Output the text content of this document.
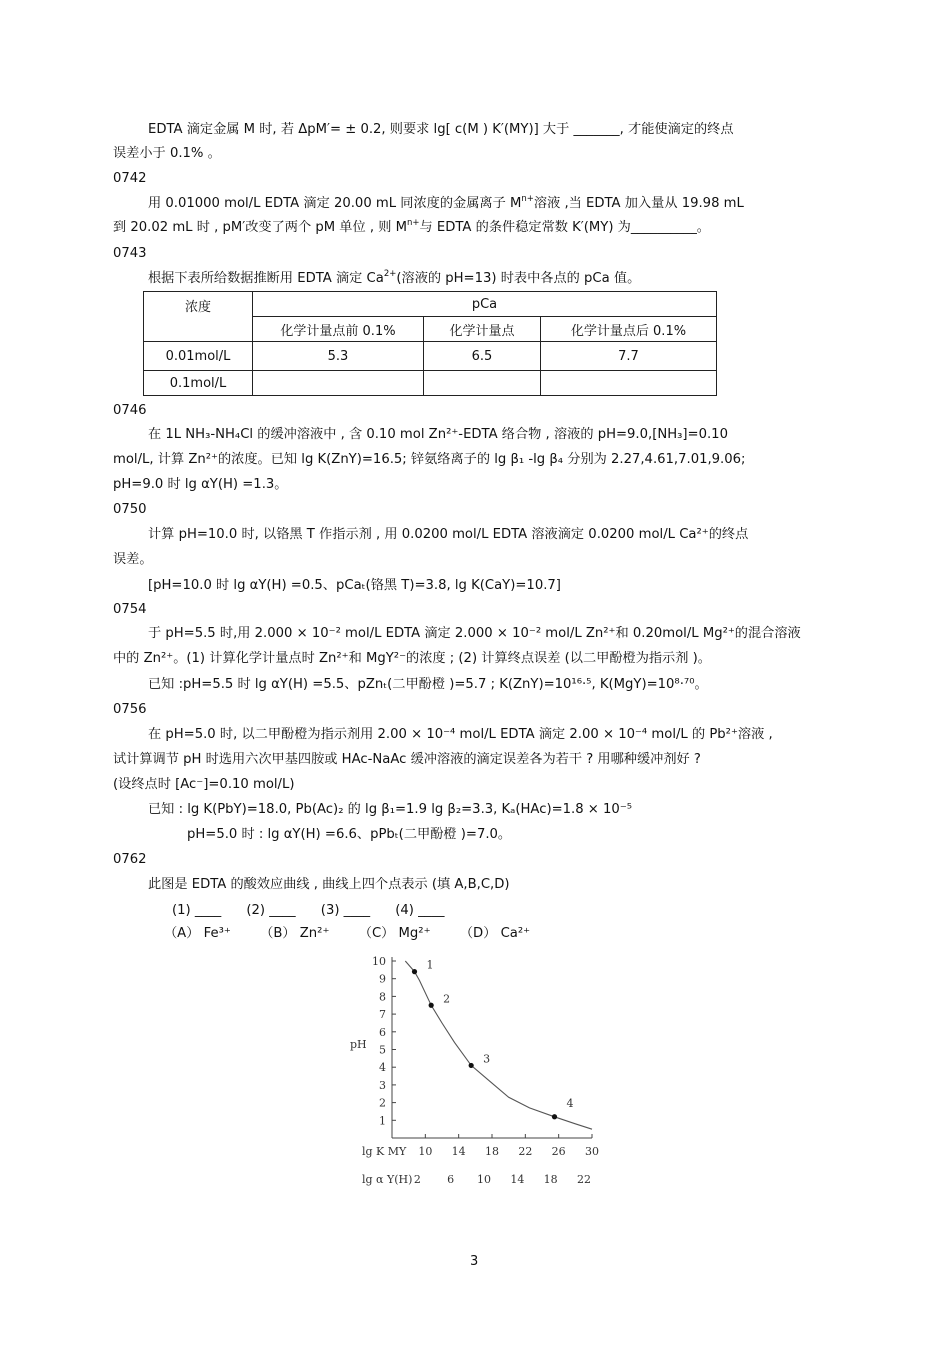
EDTA 滴定金属 M 时, 若 ΔpM′= ± 0.2, 则要求 lg[ c(M ) K′(MY)] 大于 _______, 才能使滴定的终点
误差小于 0.1% 。
0742
用 0.01000 mol/L EDTA 滴定 20.00 mL 同浓度的金属离子 $M^{n+}$溶液 ,当 EDTA 加入量从 19.98 mL
到 20.02 mL 时 , pM′改变了两个 pM 单位 , 则 $M^{n+}$与 EDTA 的条件稳定常数 K′(MY) 为__________。
0743
根据下表所给数据推断用 EDTA 滴定 $Ca^{2+}$(溶液的 pH=13) 时表中各点的 pCa 值。
浓度	pCa		
	化学计量点前 0.1%	化学计量点	化学计量点后 0.1%
0.01mol/L	5.3	6.5	7.7
0.1mol/L			
0746
在 1L NH₃-NH₄Cl 的缓冲溶液中 , 含 0.10 mol Zn²⁺-EDTA 络合物 , 溶液的 pH=9.0,[NH₃]=0.10
mol/L, 计算 Zn²⁺的浓度。已知 lg K(ZnY)=16.5; 锌氨络离子的 lg β₁ -lg β₄ 分别为 2.27,4.61,7.01,9.06;
pH=9.0 时 lg αY(H) =1.3。
0750
计算 pH=10.0 时, 以铬黑 T 作指示剂 , 用 0.0200 mol/L EDTA 溶液滴定 0.0200 mol/L Ca²⁺的终点
误差。
[pH=10.0 时 lg αY(H) =0.5、pCaₜ(铬黑 T)=3.8, lg K(CaY)=10.7]
0754
于 pH=5.5 时,用 2.000 × 10⁻² mol/L EDTA 滴定 2.000 × 10⁻² mol/L Zn²⁺和 0.20mol/L Mg²⁺的混合溶液
中的 Zn²⁺。(1) 计算化学计量点时 Zn²⁺和 MgY²⁻的浓度 ; (2) 计算终点误差 (以二甲酚橙为指示剂 )。
已知 :pH=5.5 时 lg αY(H) =5.5、pZnₜ(二甲酚橙 )=5.7 ; K(ZnY)=10¹⁶·⁵, K(MgY)=10⁸·⁷⁰。
0756
在 pH=5.0 时, 以二甲酚橙为指示剂用 2.00 × 10⁻⁴ mol/L EDTA 滴定 2.00 × 10⁻⁴ mol/L 的 Pb²⁺溶液 ,
试计算调节 pH 时选用六次甲基四胺或 HAc-NaAc 缓冲溶液的滴定误差各为若干 ? 用哪种缓冲剂好 ?
(设终点时 [Ac⁻]=0.10 mol/L)
已知 : lg K(PbY)=18.0, Pb(Ac)₂ 的 lg β₁=1.9 lg β₂=3.3, Kₐ(HAc)=1.8 × 10⁻⁵
pH=5.0 时 : lg αY(H) =6.6、pPbₜ(二甲酚橙 )=7.0。
0762
此图是 EDTA 的酸效应曲线 , 曲线上四个点表示 (填 A,B,C,D)
(1) ____      (2) ____      (3) ____      (4) ____
（A） Fe³⁺       （B） Zn²⁺       （C） Mg²⁺       （D） Ca²⁺
1
2
3
4
5
6
7
8
9
10
pH
10 14 18 22 26 30
lg K MY
2 6 10 14 18 22
lg α Y(H)
1
2
3
4
3
